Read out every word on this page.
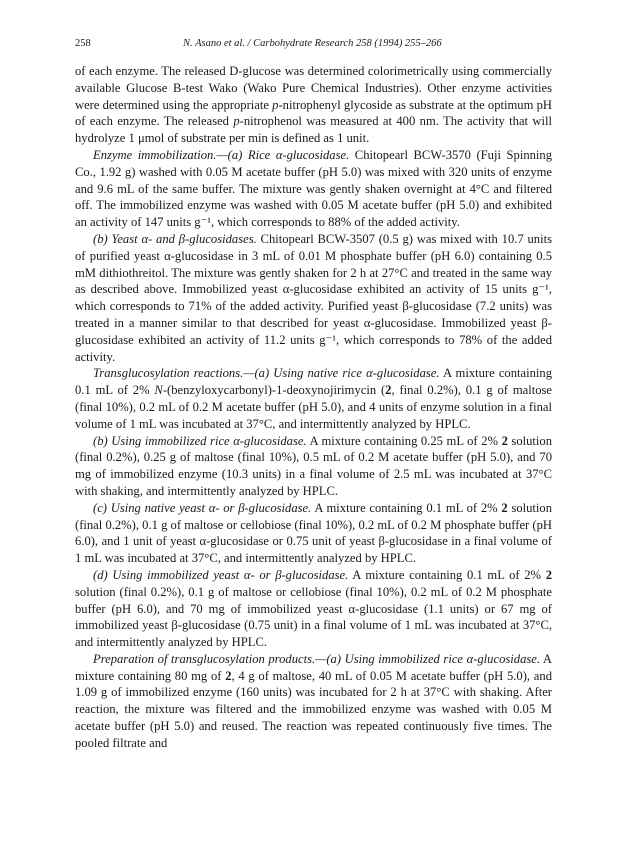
258	N. Asano et al. / Carbohydrate Research 258 (1994) 255–266

of each enzyme. The released D-glucose was determined colorimetrically using commercially available Glucose B-test Wako (Wako Pure Chemical Industries). Other enzyme activities were determined using the appropriate p-nitrophenyl glycoside as substrate at the optimum pH of each enzyme. The released p-nitrophenol was measured at 400 nm. The activity that will hydrolyze 1 μmol of substrate per min is defined as 1 unit.

Enzyme immobilization.—(a) Rice α-glucosidase. Chitopearl BCW-3570 (Fuji Spinning Co., 1.92 g) washed with 0.05 M acetate buffer (pH 5.0) was mixed with 320 units of enzyme and 9.6 mL of the same buffer. The mixture was gently shaken overnight at 4°C and filtered off. The immobilized enzyme was washed with 0.05 M acetate buffer (pH 5.0) and exhibited an activity of 147 units g⁻¹, which corresponds to 88% of the added activity.

(b) Yeast α- and β-glucosidases. Chitopearl BCW-3507 (0.5 g) was mixed with 10.7 units of purified yeast α-glucosidase in 3 mL of 0.01 M phosphate buffer (pH 6.0) containing 0.5 mM dithiothreitol. The mixture was gently shaken for 2 h at 27°C and treated in the same way as described above. Immobilized yeast α-glucosidase exhibited an activity of 15 units g⁻¹, which corresponds to 71% of the added activity. Purified yeast β-glucosidase (7.2 units) was treated in a manner similar to that described for yeast α-glucosidase. Immobilized yeast β-glucosidase exhibited an activity of 11.2 units g⁻¹, which corresponds to 78% of the added activity.

Transglucosylation reactions.—(a) Using native rice α-glucosidase. A mixture containing 0.1 mL of 2% N-(benzyloxycarbonyl)-1-deoxynojirimycin (2, final 0.2%), 0.1 g of maltose (final 10%), 0.2 mL of 0.2 M acetate buffer (pH 5.0), and 4 units of enzyme solution in a final volume of 1 mL was incubated at 37°C, and intermittently analyzed by HPLC.

(b) Using immobilized rice α-glucosidase. A mixture containing 0.25 mL of 2% 2 solution (final 0.2%), 0.25 g of maltose (final 10%), 0.5 mL of 0.2 M acetate buffer (pH 5.0), and 70 mg of immobilized enzyme (10.3 units) in a final volume of 2.5 mL was incubated at 37°C with shaking, and intermittently analyzed by HPLC.

(c) Using native yeast α- or β-glucosidase. A mixture containing 0.1 mL of 2% 2 solution (final 0.2%), 0.1 g of maltose or cellobiose (final 10%), 0.2 mL of 0.2 M phosphate buffer (pH 6.0), and 1 unit of yeast α-glucosidase or 0.75 unit of yeast β-glucosidase in a final volume of 1 mL was incubated at 37°C, and intermittently analyzed by HPLC.

(d) Using immobilized yeast α- or β-glucosidase. A mixture containing 0.1 mL of 2% 2 solution (final 0.2%), 0.1 g of maltose or cellobiose (final 10%), 0.2 mL of 0.2 M phosphate buffer (pH 6.0), and 70 mg of immobilized yeast α-glucosidase (1.1 units) or 67 mg of immobilized yeast β-glucosidase (0.75 unit) in a final volume of 1 mL was incubated at 37°C, and intermittently analyzed by HPLC.

Preparation of transglucosylation products.—(a) Using immobilized rice α-glucosidase. A mixture containing 80 mg of 2, 4 g of maltose, 40 mL of 0.05 M acetate buffer (pH 5.0), and 1.09 g of immobilized enzyme (160 units) was incubated for 2 h at 37°C with shaking. After reaction, the mixture was filtered and the immobilized enzyme was washed with 0.05 M acetate buffer (pH 5.0) and reused. The reaction was repeated continuously five times. The pooled filtrate and
